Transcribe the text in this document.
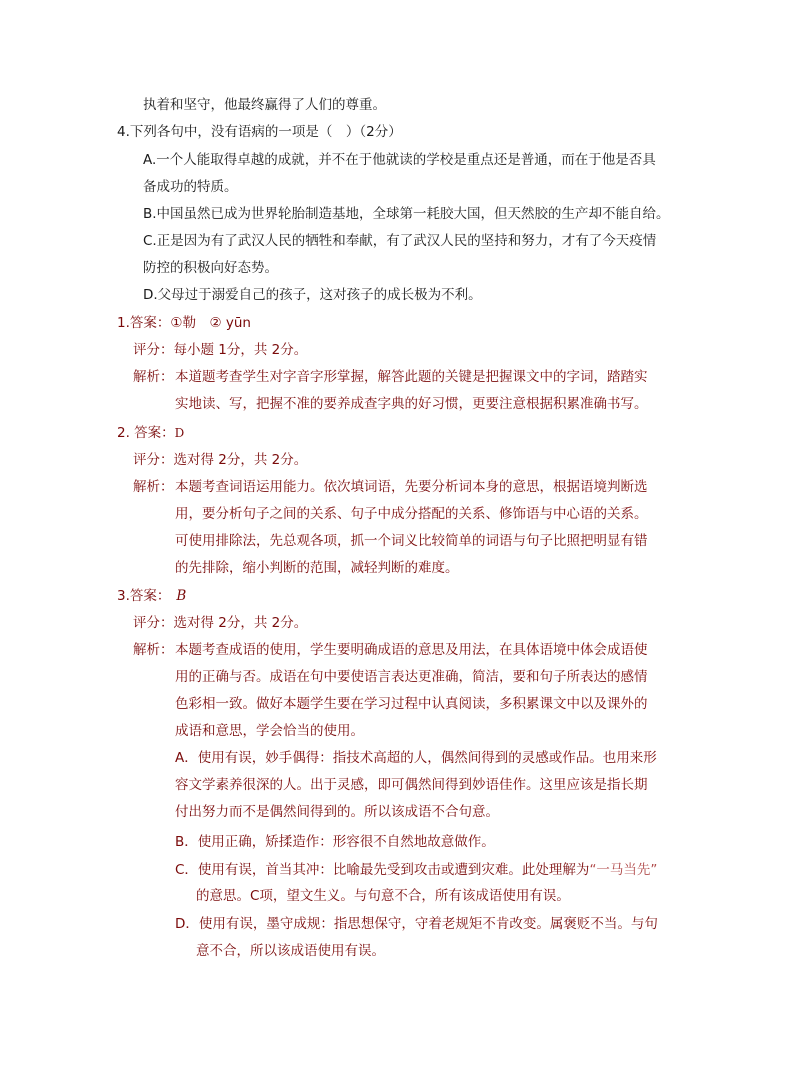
执着和坚守，他最终赢得了人们的尊重。
4.下列各句中，没有语病的一项是（　）（2分）
A.一个人能取得卓越的成就，并不在于他就读的学校是重点还是普通，而在于他是否具
备成功的特质。
B.中国虽然已成为世界轮胎制造基地，全球第一耗胶大国，但天然胶的生产却不能自给。
C.正是因为有了武汉人民的牺牲和奉献，有了武汉人民的坚持和努力，才有了今天疫情
防控的积极向好态势。
D.父母过于溺爱自己的孩子，这对孩子的成长极为不利。
1.答案：①勒　② yūn
评分：每小题 1分，共 2分。
解析： 本道题考查学生对字音字形掌握，解答此题的关键是把握课文中的字词，踏踏实
实地读、写，把握不准的要养成查字典的好习惯，更要注意根据积累准确书写。
2. 答案：D
评分：选对得 2分，共 2分。
解析： 本题考查词语运用能力。依次填词语，先要分析词本身的意思，根据语境判断选
用，要分析句子之间的关系、句子中成分搭配的关系、修饰语与中心语的关系。
可使用排除法，先总观各项，抓一个词义比较简单的词语与句子比照把明显有错
的先排除，缩小判断的范围，减轻判断的难度。
3.答案： B
评分：选对得 2分，共 2分。
解析： 本题考查成语的使用，学生要明确成语的意思及用法，在具体语境中体会成语使
用的正确与否。成语在句中要使语言表达更准确，简洁，要和句子所表达的感情
色彩相一致。做好本题学生要在学习过程中认真阅读，多积累课文中以及课外的
成语和意思，学会恰当的使用。
A．使用有误，妙手偶得：指技术高超的人，偶然间得到的灵感或作品。也用来形
容文学素养很深的人。出于灵感，即可偶然间得到妙语佳作。这里应该是指长期
付出努力而不是偶然间得到的。所以该成语不合句意。
B．使用正确，矫揉造作：形容很不自然地故意做作。
C．使用有误，首当其冲：比喻最先受到攻击或遭到灾难。此处理解为“一马当先”
的意思。C项，望文生义。与句意不合，所有该成语使用有误。
D．使用有误，墨守成规：指思想保守，守着老规矩不肯改变。属褒贬不当。与句
意不合，所以该成语使用有误。
